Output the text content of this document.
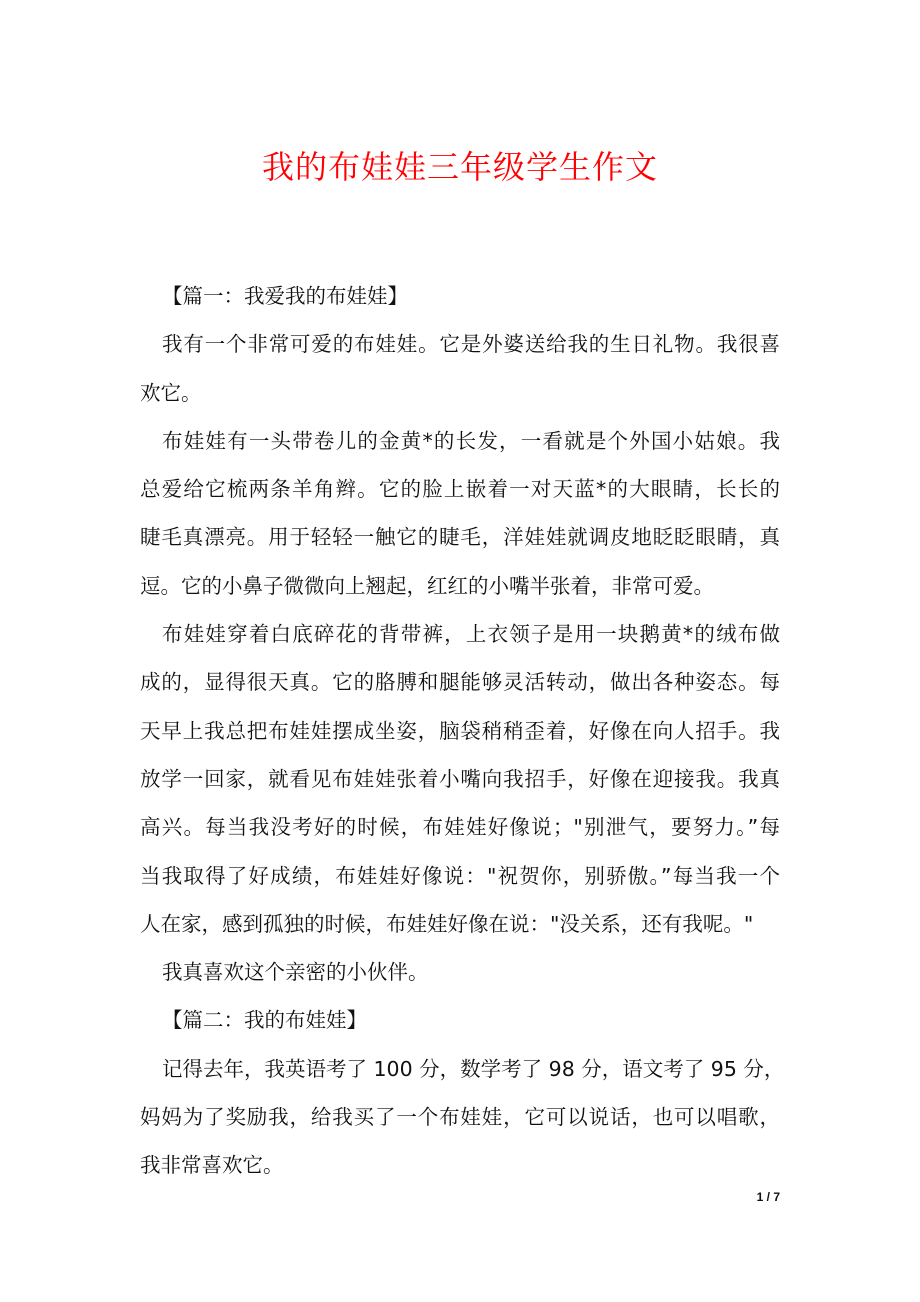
我的布娃娃三年级学生作文
【篇一：我爱我的布娃娃】
我有一个非常可爱的布娃娃。它是外婆送给我的生日礼物。我很喜
欢它。
布娃娃有一头带卷儿的金黄*的长发，一看就是个外国小姑娘。我
总爱给它梳两条羊角辫。它的脸上嵌着一对天蓝*的大眼睛，长长的
睫毛真漂亮。用于轻轻一触它的睫毛，洋娃娃就调皮地眨眨眼睛，真
逗。它的小鼻子微微向上翘起，红红的小嘴半张着，非常可爱。
布娃娃穿着白底碎花的背带裤，上衣领子是用一块鹅黄*的绒布做
成的，显得很天真。它的胳膊和腿能够灵活转动，做出各种姿态。每
天早上我总把布娃娃摆成坐姿，脑袋稍稍歪着，好像在向人招手。我
放学一回家，就看见布娃娃张着小嘴向我招手，好像在迎接我。我真
高兴。每当我没考好的时候，布娃娃好像说；"别泄气，要努力。”每
当我取得了好成绩，布娃娃好像说："祝贺你，别骄傲。”每当我一个
人在家，感到孤独的时候，布娃娃好像在说："没关系，还有我呢。"
我真喜欢这个亲密的小伙伴。
【篇二：我的布娃娃】
记得去年，我英语考了 100 分，数学考了 98 分，语文考了 95 分，
妈妈为了奖励我，给我买了一个布娃娃，它可以说话，也可以唱歌，
我非常喜欢它。
1 / 7
